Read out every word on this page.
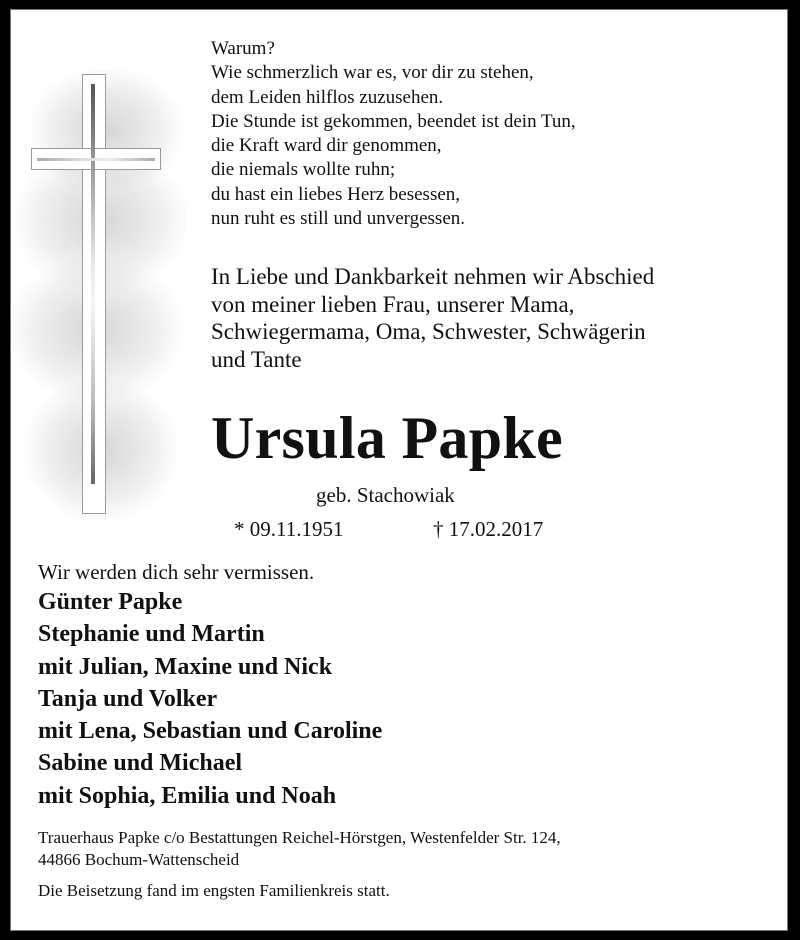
Warum?
Wie schmerzlich war es, vor dir zu stehen,
dem Leiden hilflos zuzusehen.
Die Stunde ist gekommen, beendet ist dein Tun,
die Kraft ward dir genommen,
die niemals wollte ruhn;
du hast ein liebes Herz besessen,
nun ruht es still und unvergessen.
In Liebe und Dankbarkeit nehmen wir Abschied
von meiner lieben Frau, unserer Mama,
Schwiegermama, Oma, Schwester, Schwägerin
und Tante
Ursula Papke
geb. Stachowiak
* 09.11.1951	† 17.02.2017
Wir werden dich sehr vermissen.
Günter Papke
Stephanie und Martin
mit Julian, Maxine und Nick
Tanja und Volker
mit Lena, Sebastian und Caroline
Sabine und Michael
mit Sophia, Emilia und Noah
Trauerhaus Papke c/o Bestattungen Reichel-Hörstgen, Westenfelder Str. 124,
44866 Bochum-Wattenscheid
Die Beisetzung fand im engsten Familienkreis statt.
